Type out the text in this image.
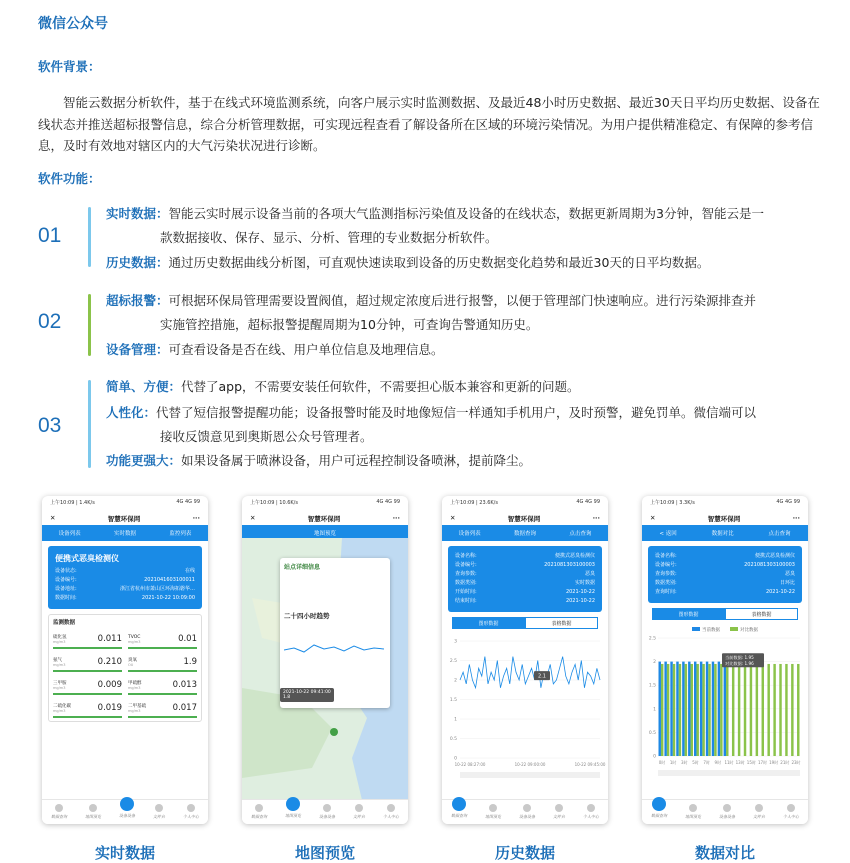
微信公众号
软件背景：
智能云数据分析软件，基于在线式环境监测系统，向客户展示实时监测数据、及最近48小时历史数据、最近30天日平均历史数据、设备在线状态并推送超标报警信息，综合分析管理数据，可实现远程查看了解设备所在区域的环境污染情况。为用户提供精准稳定、有保障的参考信息，及时有效地对辖区内的大气污染状况进行诊断。
软件功能：
01
实时数据：智能云实时展示设备当前的各项大气监测指标污染值及设备的在线状态，数据更新周期为3分钟，智能云是一
款数据接收、保存、显示、分析、管理的专业数据分析软件。
历史数据：通过历史数据曲线分析图，可直观快速读取到设备的历史数据变化趋势和最近30天的日平均数据。
02
超标报警：可根据环保局管理需要设置阀值，超过规定浓度后进行报警，以便于管理部门快速响应。进行污染源排查并
实施管控措施，超标报警提醒周期为10分钟，可查询告警通知历史。
设备管理：可查看设备是否在线、用户单位信息及地理信息。
03
简单、方便：代替了app，不需要安装任何软件，不需要担心版本兼容和更新的问题。
人性化：代替了短信报警提醒功能；设备报警时能及时地像短信一样通知手机用户，及时预警，避免罚单。微信端可以
接收反馈意见到奥斯恩公众号管理者。
功能更强大：如果设备属于喷淋设备，用户可远程控制设备喷淋，提前降尘。
上午10:09 | 1.4K/s	4G 4G 99
✕	智慧环保网	···
设备列表	实时数据	监控列表
便携式恶臭检测仪
设备状态:	在线
设备编号:	2021041603100011
设备地址:	浙江省杭州市萧山区环海拓磐华…
数据时间:	2021-10-22 10:09:00
监测数据
硫化氢
mg/m3	0.011 TVOC
mg/m3	0.01
氨气
mg/m3	0.210 臭氧
OU	1.9
三甲胺
mg/m3	0.009 甲硫醇
mg/m3	0.013
二硫化碳
mg/m3	0.019 二甲基硫
mg/m3	0.017
数据查询	地图预览	设备设备	文件台	个人中心
上午10:09 | 10.6K/s	4G 4G 99
✕	智慧环保网	···
地图预览
站点详细信息
二十四小时趋势
2021-10-22 09:41:00
1.8
数据查询	地图预览	设备设备	文件台	个人中心
上午10:09 | 23.6K/s	4G 4G 99
✕	智慧环保网	···
设备列表	数据查询	点击查询
设备名称:	便携式恶臭检测仪
设备编号:	2021081303100003
查询参数:	恶臭
数据类别:	实时数据
开始时间:	2021-10-22
结束时间:	2021-10-22
图形数据	表格数据
0
0.5
1
1.5
2
2.5
3
10-22 08:27:00	10-22 09:00:00	10-22 09:45:00
2.1
数据查询	地图预览	设备设备	文件台	个人中心
上午10:09 | 3.3K/s	4G 4G 99
✕	智慧环保网	···
< 返回	数据对比	点击查询
设备名称:	便携式恶臭检测仪
设备编号:	2021081303100003
查询参数:	恶臭
数据类别:	日环比
查询时间:	2021-10-22
图形数据	表格数据
0
0.5
1
1.5
2
2.5
当前数据	对比数据
0时 1时 3时 5时 7时 9时 11时 13时 15时 17时 19时 21时 23时
当前数据: 1.95
对比数据: 1.96
数据查询	地图预览	设备设备	文件台	个人中心
实时数据	地图预览	历史数据	数据对比
